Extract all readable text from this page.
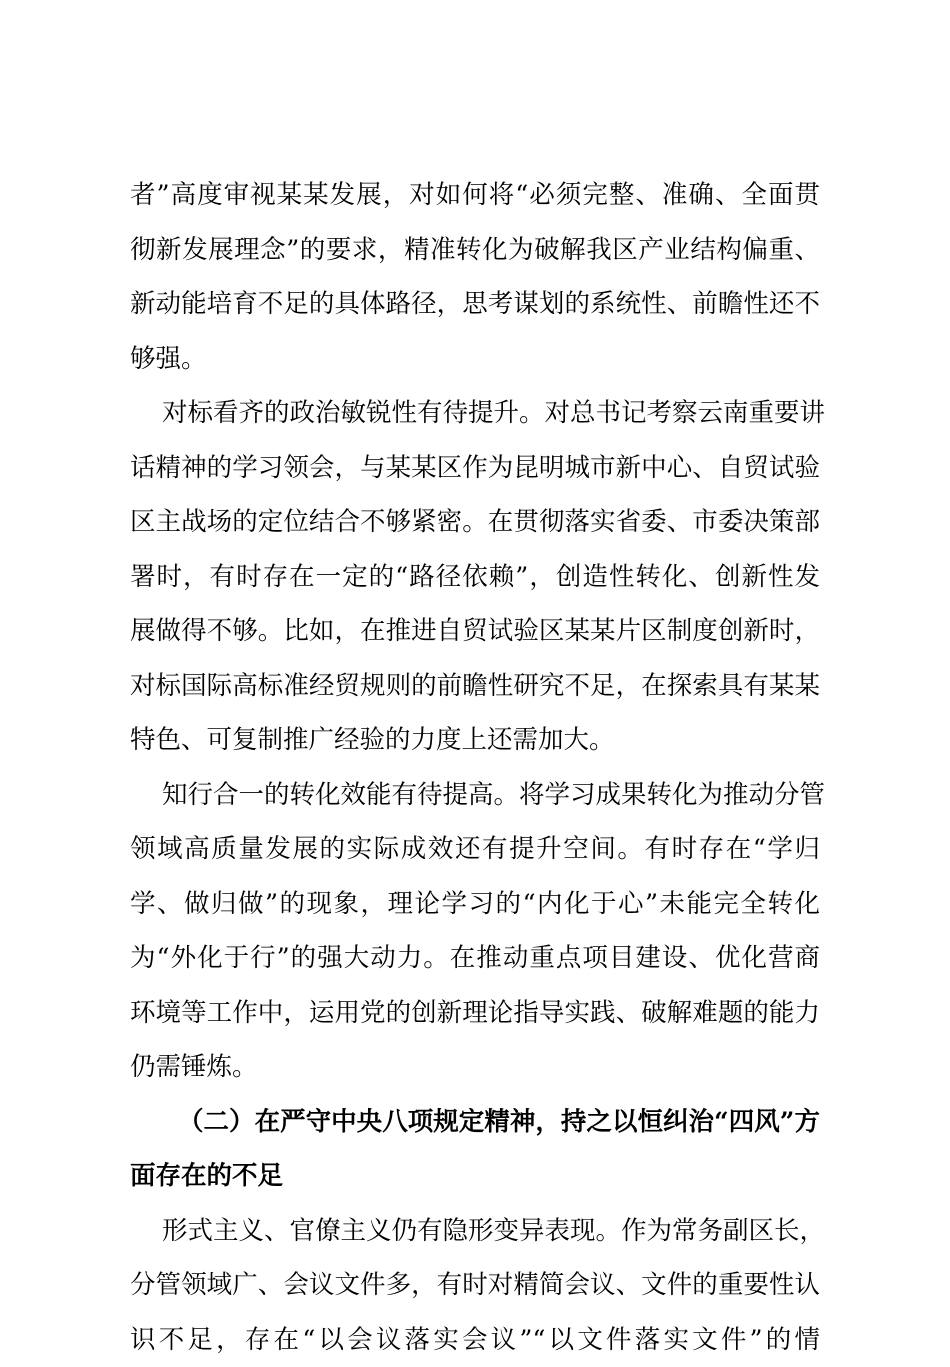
者”高度审视某某发展，对如何将“必须完整、准确、全面贯
彻新发展理念”的要求，精准转化为破解我区产业结构偏重、
新动能培育不足的具体路径，思考谋划的系统性、前瞻性还不
够强。
对标看齐的政治敏锐性有待提升。对总书记考察云南重要讲
话精神的学习领会，与某某区作为昆明城市新中心、自贸试验
区主战场的定位结合不够紧密。在贯彻落实省委、市委决策部
署时，有时存在一定的“路径依赖”，创造性转化、创新性发
展做得不够。比如，在推进自贸试验区某某片区制度创新时，
对标国际高标准经贸规则的前瞻性研究不足，在探索具有某某
特色、可复制推广经验的力度上还需加大。
知行合一的转化效能有待提高。将学习成果转化为推动分管
领域高质量发展的实际成效还有提升空间。有时存在“学归
学、做归做”的现象，理论学习的“内化于心”未能完全转化
为“外化于行”的强大动力。在推动重点项目建设、优化营商
环境等工作中，运用党的创新理论指导实践、破解难题的能力
仍需锤炼。
（二）在严守中央八项规定精神，持之以恒纠治“四风”方
面存在的不足
形式主义、官僚主义仍有隐形变异表现。作为常务副区长，
分管领域广、会议文件多，有时对精简会议、文件的重要性认
识不足，存在“以会议落实会议”“以文件落实文件”的情
